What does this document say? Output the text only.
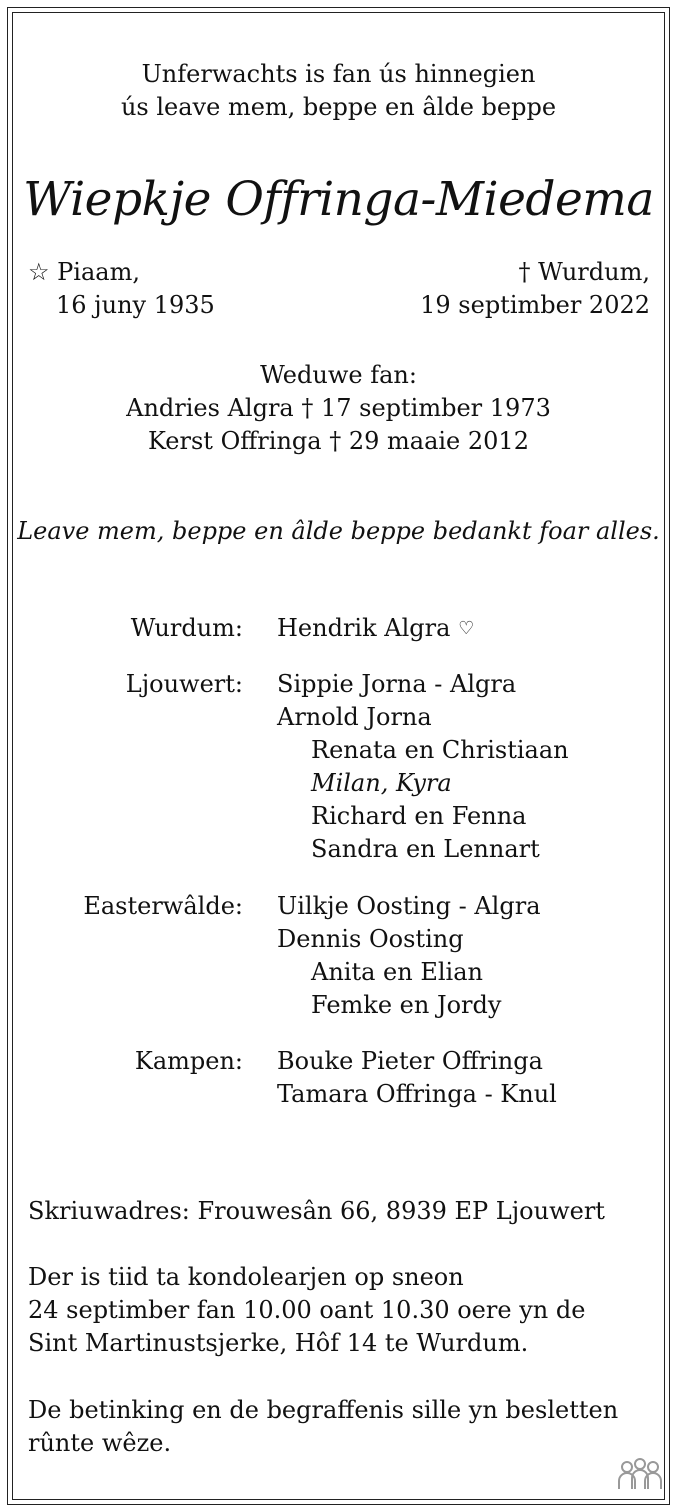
Unferwachts is fan ús hinnegien
ús leave mem, beppe en âlde beppe
Wiepkje Offringa-Miedema
☆ Piaam,
16 juny 1935
† Wurdum,
19 septimber 2022
Weduwe fan:
Andries Algra † 17 septimber 1973
Kerst Offringa † 29 maaie 2012
Leave mem, beppe en âlde beppe bedankt foar alles.
Wurdum: Hendrik Algra ♡
Ljouwert: Sippie Jorna - Algra
Arnold Jorna
Renata en Christiaan
Milan, Kyra
Richard en Fenna
Sandra en Lennart
Easterwâlde: Uilkje Oosting - Algra
Dennis Oosting
Anita en Elian
Femke en Jordy
Kampen: Bouke Pieter Offringa
Tamara Offringa - Knul
Skriuwadres: Frouwesân 66, 8939 EP Ljouwert
Der is tiid ta kondolearjen op sneon
24 septimber fan 10.00 oant 10.30 oere yn de
Sint Martinustsjerke, Hôf 14 te Wurdum.
De betinking en de begraffenis sille yn besletten
rûnte wêze.
